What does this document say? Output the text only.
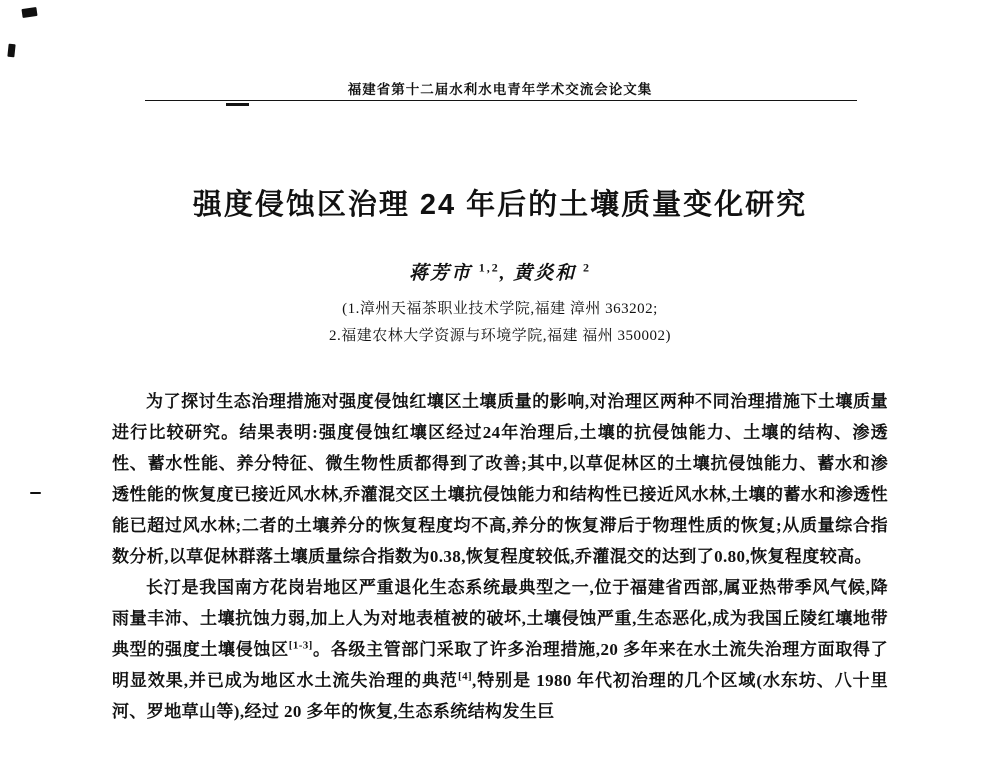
福建省第十二届水利水电青年学术交流会论文集
强度侵蚀区治理 24 年后的土壤质量变化研究
蒋芳市 $^{1,2}$, 黄炎和 $^2$
(1.漳州天福茶职业技术学院,福建 漳州 363202;
2.福建农林大学资源与环境学院,福建 福州 350002)

为了探讨生态治理措施对强度侵蚀红壤区土壤质量的影响,对治理区两种不同治理措施下土壤质量进行比较研究。结果表明:强度侵蚀红壤区经过24年治理后,土壤的抗侵蚀能力、土壤的结构、渗透性、蓄水性能、养分特征、微生物性质都得到了改善;其中,以草促林区的土壤抗侵蚀能力、蓄水和渗透性能的恢复度已接近风水林,乔灌混交区土壤抗侵蚀能力和结构性已接近风水林,土壤的蓄水和渗透性能已超过风水林;二者的土壤养分的恢复程度均不高,养分的恢复滞后于物理性质的恢复;从质量综合指数分析,以草促林群落土壤质量综合指数为0.38,恢复程度较低,乔灌混交的达到了0.80,恢复程度较高。

长汀是我国南方花岗岩地区严重退化生态系统最典型之一,位于福建省西部,属亚热带季风气候,降雨量丰沛、土壤抗蚀力弱,加上人为对地表植被的破坏,土壤侵蚀严重,生态恶化,成为我国丘陵红壤地带典型的强度土壤侵蚀区[1-3]。各级主管部门采取了许多治理措施,20 多年来在水土流失治理方面取得了明显效果,并已成为地区水土流失治理的典范[4],特别是 1980 年代初治理的几个区域(水东坊、八十里河、罗地草山等),经过 20 多年的恢复,生态系统结构发生巨
